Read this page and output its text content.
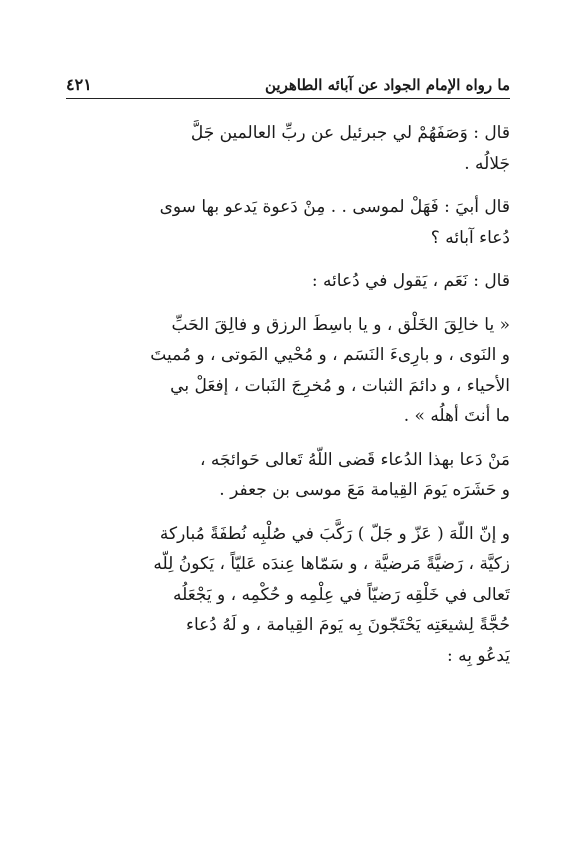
ما رواه الإمام الجواد عن آبائه الطاهرين
٤٢١

قال : وَصَفَهُمْ لي جبرئيل عن ربِّ العالمين جَلَّ
جَلالُه .

قال أبيَ : فَهَلْ لموسى . . مِنْ دَعوة يَدعو بها سوى
دُعاء آبائه ؟

قال : نَعَم ، يَقول في دُعائه :

« يا خالِقَ الخَلْق ، و يا باسِطَ الرزق و فالِقَ الحَبِّ
و النَوى ، و بارِىءَ النَسَم ، و مُحْيي المَوتى ، و مُميتَ
الأحياء ، و دائمَ الثبات ، و مُخرِجَ النَبات ، إفعَلْ بي
ما أنتَ أهلُه » .

مَنْ دَعا بهذا الدُعاء قَضى اللّهُ تَعالى حَوائجَه ،
و حَشَرَه يَومَ القِيامة مَعَ موسى بن جعفر .

و إنّ اللّهَ ( عَزّ و جَلّ ) رَكَّبَ في صُلْبِه نُطفَةً مُباركة
زكيَّة ، رَضيَّةً مَرضيَّة ، و سَمّاها عِندَه عَليّاً ، يَكونُ لِلّه
تَعالى في خَلْقِه رَضيّاً في عِلْمِه و حُكْمِه ، و يَجْعَلُه
حُجَّةً لِشيعَتِه يَحْتَجّونَ بِه يَومَ القِيامة ، و لَهُ دُعاء
يَدعُو بِه :
